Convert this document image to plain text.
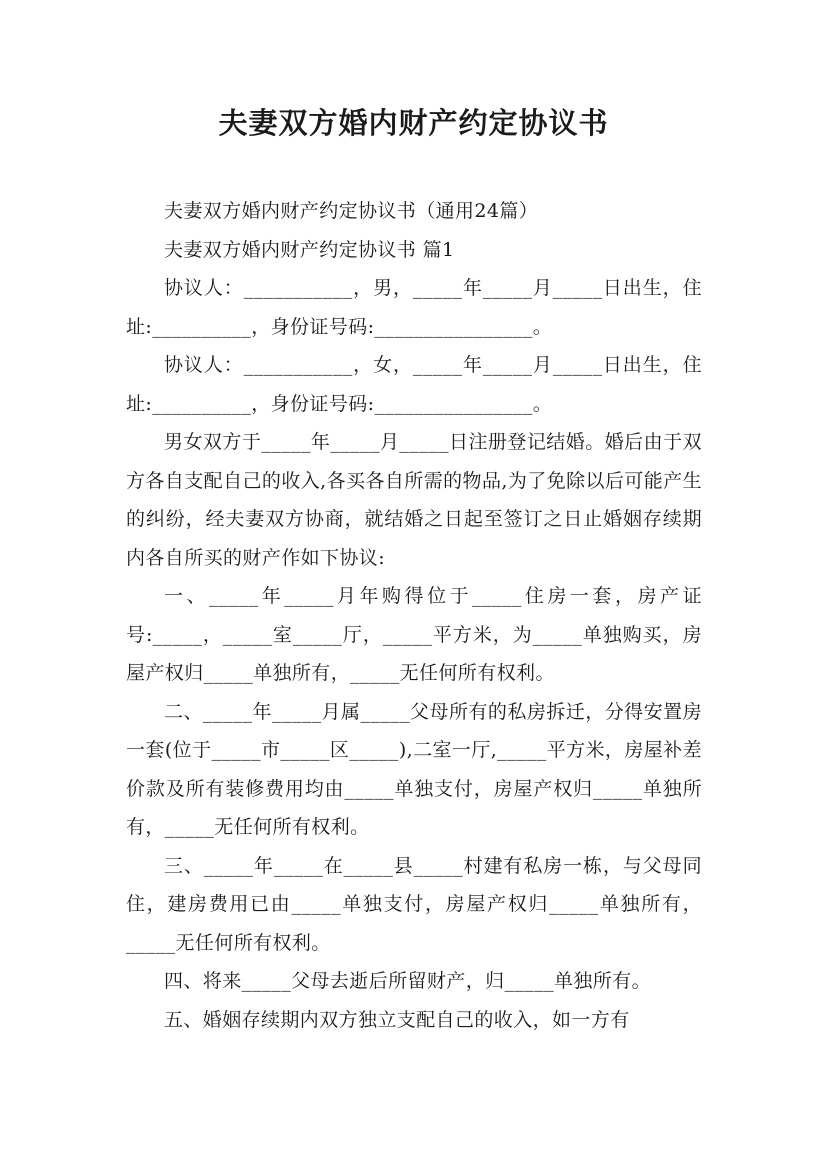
夫妻双方婚内财产约定协议书

夫妻双方婚内财产约定协议书（通用24篇）

夫妻双方婚内财产约定协议书 篇1

协议人：___________，男，_____年_____月_____日出生，住址:__________，身份证号码:________________。

协议人：___________，女，_____年_____月_____日出生，住址:__________，身份证号码:________________。

男女双方于_____年_____月_____日注册登记结婚。婚后由于双方各自支配自己的收入,各买各自所需的物品,为了免除以后可能产生的纠纷，经夫妻双方协商，就结婚之日起至签订之日止婚姻存续期内各自所买的财产作如下协议:

一、_____年_____月年购得位于_____住房一套，房产证号:_____，_____室_____厅，_____平方米，为_____单独购买，房屋产权归_____单独所有，_____无任何所有权利。

二、_____年_____月属_____父母所有的私房拆迁，分得安置房一套(位于_____市_____区_____),二室一厅,_____平方米，房屋补差价款及所有装修费用均由_____单独支付，房屋产权归_____单独所有，_____无任何所有权利。

三、_____年_____在_____县_____村建有私房一栋，与父母同住，建房费用已由_____单独支付，房屋产权归_____单独所有，_____无任何所有权利。

四、将来_____父母去逝后所留财产，归_____单独所有。

五、婚姻存续期内双方独立支配自己的收入，如一方有
